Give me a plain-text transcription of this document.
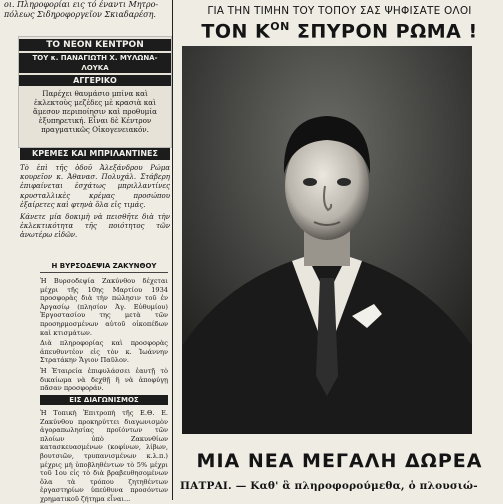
οι. Πληροφορίαι εις τό έναντι Μητρο-
πόλεως Σιδηροφοργεῖον Σκιαδαρέση.
ΤΟ ΝΕΟΝ ΚΕΝΤΡΟΝ
ΤΟΥ κ. ΠΑΝΑΓΙΩΤΗ Χ. ΜΥΛΩΝΑ-ΛΟΥΚΑ
ΑΓΓΕΡΙΚΟ
Παρέχει θαυμάσιο μπίνα καὶ ἐκλεκτοὺς μεζέδες μὲ κρασιὰ καὶ ἄμεσον περιποίησιν καὶ προθυμία ἐξυπηρετική. Εἶναι δὲ Κέντρον πραγματικῶς Οἰκογενειακόν.
ΚΡΕΜΕΣ ΚΑΙ ΜΠΡΙΛΑΝΤΙΝΕΣ

Τὸ ἐπὶ τῆς ὁδοῦ Ἀλεξάνδρου Ρώμα κουρεῖον κ. Ἀθανασ. Πολυχάλ. Στάβερη ἐπιφαίνεται ἐσχάτως μπριλλαντίνες κρυσταλλικὲς κρέμας προσώπου ἐξαίρετες καὶ φτηνὰ ὅλα εἰς τιμάς.

Κάνετε μία δοκιμὴ νὰ πεισθῆτε διὰ τὴν ἐκλεκτικότητα τῆς ποιότητος τῶν ἀνωτέρω εἰδῶν.

Η ΒΥΡΣΟΔΕΨΙΑ ΖΑΚΥΝΘΟΥ

Ἡ Βυρσοδεψία Ζακύνθου δέχεται μέχρι τῆς 10ης Μαρτίου 1934 προσφορὰς διὰ τὴν πώλησιν τοῦ ἐν Ἀργασίῳ (πλησίον Ἁγ. Εὐθυμίου) Ἐργοστασίου της μετὰ τῶν προσηρμοσμένων αὐτοῦ οἰκοπέδων καὶ κτισμάτων.

Διὰ πληροφορίας καὶ προσφορὰς ἀπευθυντέον εἰς τὸν κ. Ἰωάννην Στρατάκην Ἅγιον Παῦλον.

Ἡ Ἑταιρεία ἐπιφυλάσσει ἑαυτῇ τὸ δικαίωμα νὰ δεχθῇ ἢ νὰ ἀποφύγῃ πᾶσαν προσφοράν.

ΕΙΣ ΔΙΑΓΩΝΙΣΜΟΣ
Ἡ Τοπικὴ Ἐπιτροπὴ τῆς Ε.Θ. Ε. Ζακύνθου προκηρύττει διαγωνισμὸν ἀγοραπωλησίας προϊόντων τῶν πλοίων ὑπὸ Ζακυνθίων κατασκευασμένων (κοφίνων, λίβων, βουτσιῶν, τρυπανισμένων κ.λ.π.) μέχρις μὴ ὑποβληθέντων τὸ 5% μέχρι τοῦ 1ου εἰς τὸ διὰ βραβευθησομένων ὅλα τὰ τρόπου ζητηθέντων ἐργαστηρίων ὑπεύθυνα προσόντων χρηματικοῦ ζήτημα εἶναι...
ΓΙΑ ΤΗΝ ΤΙΜΗΝ ΤΟΥ ΤΟΠΟΥ ΣΑΣ ΨΗΦΙΣΑΤΕ ΟΛΟΙ
ΤΟΝ $K^{ON}$ ΣΠΥΡΟΝ ΡΩΜΑ !
ΜΙΑ ΝΕΑ ΜΕΓΑΛΗ ΔΩΡΕΑ
ΠΑΤΡΑΙ. — Καθ' ἃ πληροφορούμεθα, ὁ πλουσιώ-
